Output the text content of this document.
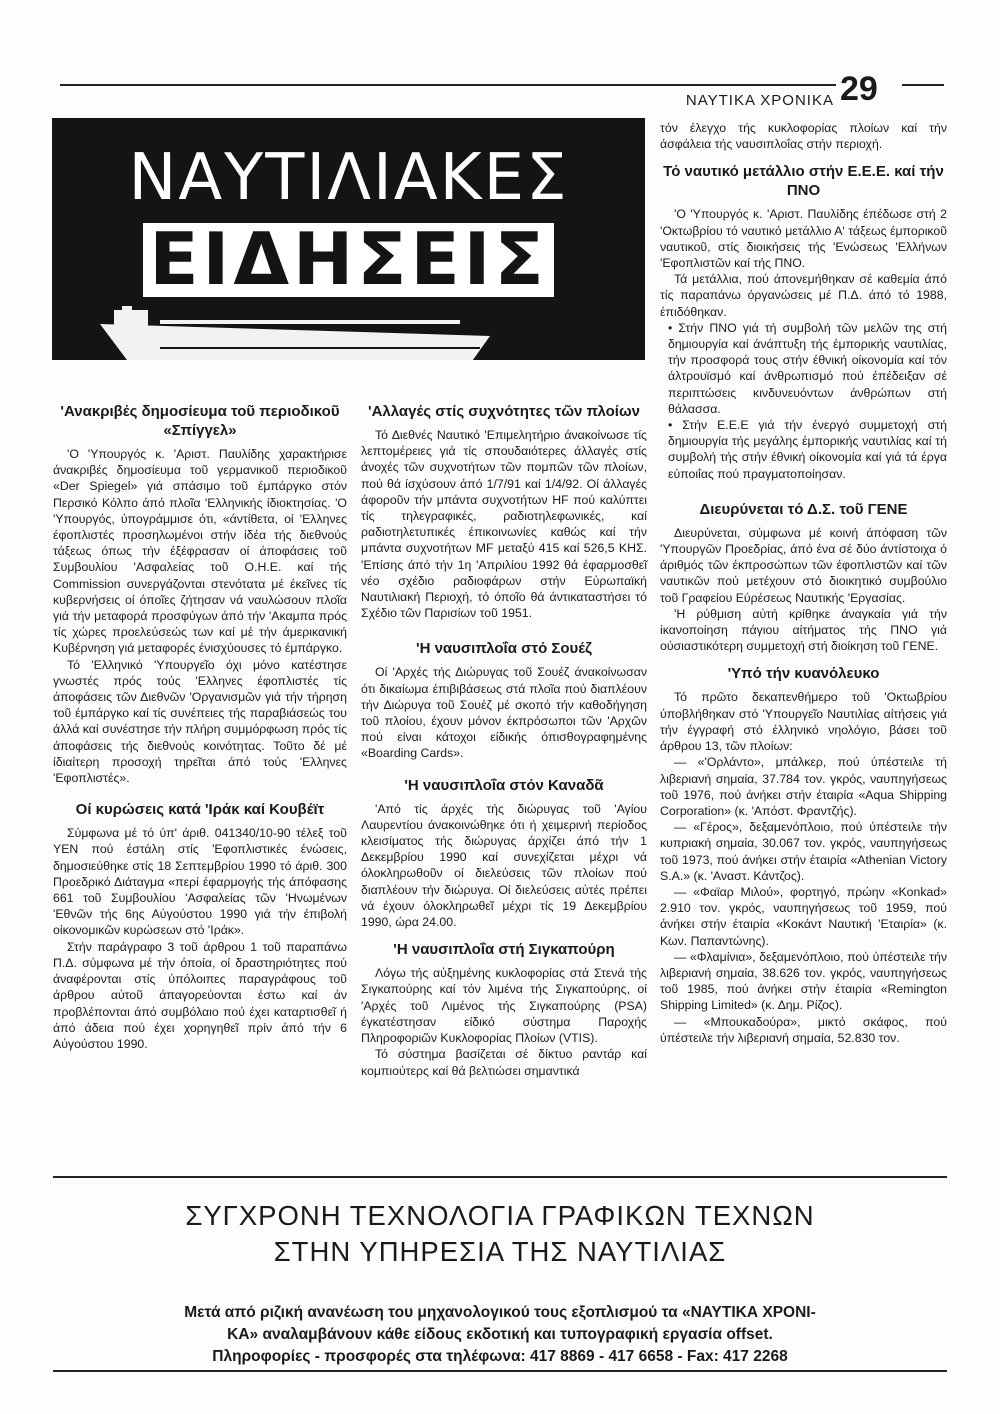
ΝΑΥΤΙΚΑ ΧΡΟΝΙΚΑ 29
ΝΑΥΤΙΛΙΑΚΕΣ
ΕΙΔΗΣΕΙΣ
'Ανακριβές δημοσίευμα τοῦ περιοδικοῦ «Σπίγγελ»

'Ο 'Υπουργός κ. 'Αριστ. Παυλίδης χαρακτήρισε άνακριβές δημοσίευμα τοῦ γερμανικοῦ περιοδικοῦ «Der Spiegel» γιά σπάσιμο τοῦ έμπάργκο στόν Περσικό Κόλπο άπό πλοῖα 'Ελληνικής ίδιοκτησίας. 'Ο 'Υπουργός, ύπογράμμισε ότι, «άντίθετα, οί 'Ελληνες έφοπλιστές προσηλωμένοι στήν ίδέα τής διεθνούς τάξεως όπως τήν έξέφρασαν οί άποφάσεις τοῦ Συμβουλίου 'Ασφαλείας τοῦ Ο.Η.Ε. καί τής Commission συνεργάζονται στενότατα μέ έκεῖνες τίς κυβερνήσεις οί όποῖες ζήτησαν νά ναυλώσουν πλοῖα γιά τήν μεταφορά προσφύγων άπό τήν 'Ακαμπα πρός τίς χώρες προελεύσεώς των καί μέ τήν άμερικανική Κυβέρνηση γιά μεταφορές ένισχύουσες τό έμπάργκο.

Τό 'Ελληνικό 'Υπουργεῖο όχι μόνο κατέστησε γνωστές πρός τούς 'Ελληνες έφοπλιστές τίς άποφάσεις τῶν Διεθνῶν 'Οργανισμῶν γιά τήν τήρηση τοῦ έμπάργκο καί τίς συνέπειες τής παραβιάσεώς του άλλά καί συνέστησε τήν πλήρη συμμόρφωση πρός τίς άποφάσεις τής διεθνούς κοινότητας. Τοῦτο δέ μέ ίδιαίτερη προσοχή τηρεῖται άπό τούς 'Ελληνες 'Εφοπλιστές».

Οί κυρώσεις κατά 'Ιράκ καί Κουβέϊτ

Σύμφωνα μέ τό ύπ' άριθ. 041340/10-90 τέλεξ τοῦ ΥΕΝ πού έστάλη στίς 'Εφοπλιστικές ένώσεις, δημοσιεύθηκε στίς 18 Σεπτεμβρίου 1990 τό άριθ. 300 Προεδρικό Διάταγμα «περί έφαρμογής τής άπόφασης 661 τοῦ Συμβουλίου 'Ασφαλείας τῶν 'Ηνωμένων 'Εθνῶν τής 6ης Αὐγούστου 1990 γιά τήν έπιβολή οίκονομικῶν κυρώσεων στό 'Ιράκ».

Στήν παράγραφο 3 τοῦ άρθρου 1 τοῦ παραπάνω Π.Δ. σύμφωνα μέ τήν όποία, οί δραστηριότητες πού άναφέρονται στίς ύπόλοιπες παραγράφους τοῦ άρθρου αὐτοῦ άπαγορεύονται έστω καί άν προβλέπονται άπό συμβόλαιο πού έχει καταρτισθεῖ ή άπό άδεια πού έχει χορηγηθεῖ πρίν άπό τήν 6 Αὐγούστου 1990.

'Αλλαγές στίς συχνότητες τῶν πλοίων

Τό Διεθνές Ναυτικό 'Επιμελητήριο άνακοίνωσε τίς λεπτομέρειες γιά τίς σπουδαιότερες άλλαγές στίς άνοχές τῶν συχνοτήτων τῶν πομπῶν τῶν πλοίων, πού θά ίσχύσουν άπό 1/7/91 καί 1/4/92. Οί άλλαγές άφοροῦν τήν μπάντα συχνοτήτων HF πού καλύπτει τίς τηλεγραφικές, ραδιοτηλεφωνικές, καί ραδιοτηλετυπικές έπικοινωνίες καθώς καί τήν μπάντα συχνοτήτων MF μεταξύ 415 καί 526,5 ΚΗΣ. 'Επίσης άπό τήν 1η 'Απριλίου 1992 θά έφαρμοσθεῖ νέο σχέδιο ραδιοφάρων στήν Εὐρωπαϊκή Ναυτιλιακή Περιοχή, τό όποῖο θά άντικαταστήσει τό Σχέδιο τῶν Παρισίων τοῦ 1951.

'Η ναυσιπλοΐα στό Σουέζ

Οί 'Αρχές τής Διώρυγας τοῦ Σουέζ άνακοίνωσαν ότι δικαίωμα έπιβιβάσεως στά πλοῖα πού διαπλέουν τήν Διώρυγα τοῦ Σουέζ μέ σκοπό τήν καθοδήγηση τοῦ πλοίου, έχουν μόνον έκπρόσωποι τῶν 'Αρχῶν πού είναι κάτοχοι είδικής όπισθογραφημένης «Boarding Cards».

'Η ναυσιπλοΐα στόν Καναδᾶ

'Από τίς άρχές τής διώρυγας τοῦ 'Αγίου Λαυρεντίου άνακοινώθηκε ότι ή χειμερινή περίοδος κλεισίματος τής διώρυγας άρχίζει άπό τήν 1 Δεκεμβρίου 1990 καί συνεχίζεται μέχρι νά όλοκληρωθοῦν οί διελεύσεις τῶν πλοίων πού διαπλέουν τήν διώρυγα. Οί διελεύσεις αὐτές πρέπει νά έχουν όλοκληρωθεῖ μέχρι τίς 19 Δεκεμβρίου 1990, ώρα 24.00.

'Η ναυσιπλοΐα στή Σιγκαπούρη

Λόγω τής αὐξημένης κυκλοφορίας στά Στενά τής Σιγκαπούρης καί τόν λιμένα τής Σιγκαπούρης, οί 'Αρχές τοῦ Λιμένος τής Σιγκαπούρης (PSA) έγκατέστησαν είδικό σύστημα Παροχής Πληροφοριῶν Κυκλοφορίας Πλοίων (VTIS).

Τό σύστημα βασίζεται σέ δίκτυο ραντάρ καί κομπιούτερς καί θά βελτιώσει σημαντικά

τόν έλεγχο τής κυκλοφορίας πλοίων καί τήν άσφάλεια τής ναυσιπλοΐας στήν περιοχή.

Τό ναυτικό μετάλλιο στήν Ε.Ε.Ε. καί τήν ΠΝΟ

'Ο 'Υπουργός κ. 'Αριστ. Παυλίδης έπέδωσε στή 2 'Οκτωβρίου τό ναυτικό μετάλλιο Α' τάξεως έμπορικοῦ ναυτικοῦ, στίς διοικήσεις τής 'Ενώσεως 'Ελλήνων 'Εφοπλιστῶν καί τής ΠΝΟ.

Τά μετάλλια, πού άπονεμήθηκαν σέ καθεμία άπό τίς παραπάνω όργανώσεις μέ Π.Δ. άπό τό 1988, έπιδόθηκαν.

• Στήν ΠΝΟ γιά τή συμβολή τῶν μελῶν της στή δημιουργία καί άνάπτυξη τής έμπορικής ναυτιλίας, τήν προσφορά τους στήν έθνική οίκονομία καί τόν άλτρουϊσμό καί άνθρωπισμό πού έπέδειξαν σέ περιπτώσεις κινδυνευόντων άνθρώπων στή θάλασσα.

• Στήν Ε.Ε.Ε γιά τήν ένεργό συμμετοχή στή δημιουργία τής μεγάλης έμπορικής ναυτιλίας καί τή συμβολή τής στήν έθνική οίκονομία καί γιά τά έργα εύποιΐας πού πραγματοποίησαν.

Διευρύνεται τό Δ.Σ. τοῦ ΓΕΝΕ

Διευρύνεται, σύμφωνα μέ κοινή άπόφαση τῶν 'Υπουργῶν Προεδρίας, άπό ένα σέ δύο άντίστοιχα ό άριθμός τῶν έκπροσώπων τῶν έφοπλιστῶν καί τῶν ναυτικῶν πού μετέχουν στό διοικητικό συμβούλιο τοῦ Γραφείου Εύρέσεως Ναυτικής 'Εργασίας.

'Η ρύθμιση αὐτή κρίθηκε άναγκαία γιά τήν ίκανοποίηση πάγιου αίτήματος τής ΠΝΟ γιά ούσιαστικότερη συμμετοχή στή διοίκηση τοῦ ΓΕΝΕ.

'Υπό τήν κυανόλευκο

Τό πρῶτο δεκαπενθήμερο τοῦ 'Οκτωβρίου ύποβλήθηκαν στό 'Υπουργεῖο Ναυτιλίας αίτήσεις γιά τήν έγγραφή στό έλληνικό νηολόγιο, βάσει τοῦ άρθρου 13, τῶν πλοίων:

— «'Ορλάντο», μπάλκερ, πού ύπέστειλε τή λιβεριανή σημαία, 37.784 τον. γκρός, ναυπηγήσεως τοῦ 1976, πού άνήκει στήν έταιρία «Aqua Shipping Corporation» (κ. 'Απόστ. Φραντζής).

— «Γέρος», δεξαμενόπλοιο, πού ύπέστειλε τήν κυπριακή σημαία, 30.067 τον. γκρός, ναυπηγήσεως τοῦ 1973, πού άνήκει στήν έταιρία «Athenian Victory S.A.» (κ. 'Αναστ. Κάντζος).

— «Φαϊαρ Μιλού», φορτηγό, πρώην «Konkad» 2.910 τον. γκρός, ναυπηγήσεως τοῦ 1959, πού άνήκει στήν έταιρία «Κοκάντ Ναυτική 'Εταιρία» (κ. Κων. Παπαντώνης).

— «Φλαμίνια», δεξαμενόπλοιο, πού ύπέστειλε τήν λιβεριανή σημαία, 38.626 τον. γκρός, ναυπηγήσεως τοῦ 1985, πού άνήκει στήν έταιρία «Remington Shipping Limited» (κ. Δημ. Ρίζος).

— «Μπουκαδούρα», μικτό σκάφος, πού ύπέστειλε τήν λιβεριανή σημαία, 52.830 τον.

ΣΥΓΧΡΟΝΗ ΤΕΧΝΟΛΟΓΙΑ ΓΡΑΦΙΚΩΝ ΤΕΧΝΩΝ
ΣΤΗΝ ΥΠΗΡΕΣΙΑ ΤΗΣ ΝΑΥΤΙΛΙΑΣ
Μετά από ριζική ανανέωση του μηχανολογικού τους εξοπλισμού τα «ΝΑΥΤΙΚΑ ΧΡΟΝΙ-
ΚΑ» αναλαμβάνουν κάθε είδους εκδοτική και τυπογραφική εργασία offset.
Πληροφορίες - προσφορές στα τηλέφωνα: 417 8869 - 417 6658 - Fax: 417 2268
